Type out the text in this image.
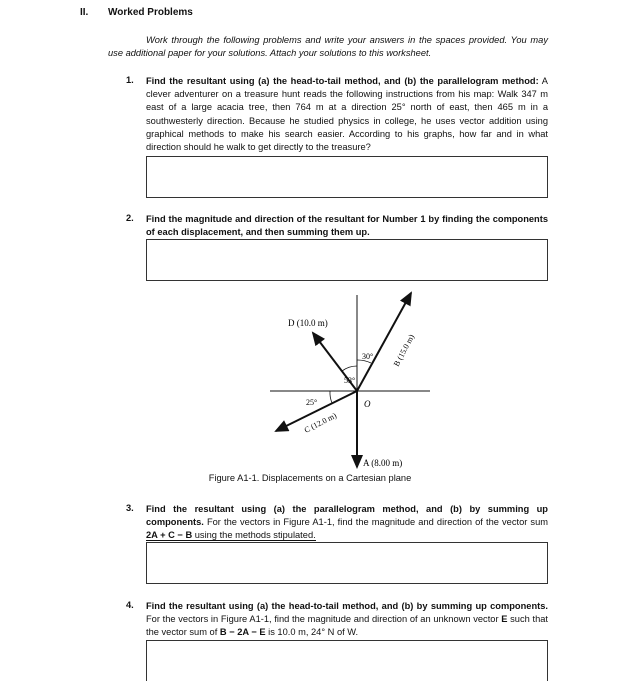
II. Worked Problems
Work through the following problems and write your answers in the spaces provided. You may use additional paper for your solutions. Attach your solutions to this worksheet.
1. Find the resultant using (a) the head-to-tail method, and (b) the parallelogram method: A clever adventurer on a treasure hunt reads the following instructions from his map: Walk 347 m east of a large acacia tree, then 764 m at a direction 25° north of east, then 465 m in a southwesterly direction. Because he studied physics in college, he uses vector addition using graphical methods to make his search easier. According to his graphs, how far and in what direction should he walk to get directly to the treasure?
2. Find the magnitude and direction of the resultant for Number 1 by finding the components of each displacement, and then summing them up.
D (10.0 m)
30°
53°
25°	O
B (15.0 m)
C (12.0 m)
A (8.00 m)
Figure A1-1. Displacements on a Cartesian plane
3. Find the resultant using (a) the parallelogram method, and (b) by summing up components. For the vectors in Figure A1-1, find the magnitude and direction of the vector sum 2A + C − B using the methods stipulated.
4. Find the resultant using (a) the head-to-tail method, and (b) by summing up components. For the vectors in Figure A1-1, find the magnitude and direction of an unknown vector E such that the vector sum of B − 2A − E is 10.0 m, 24° N of W.
